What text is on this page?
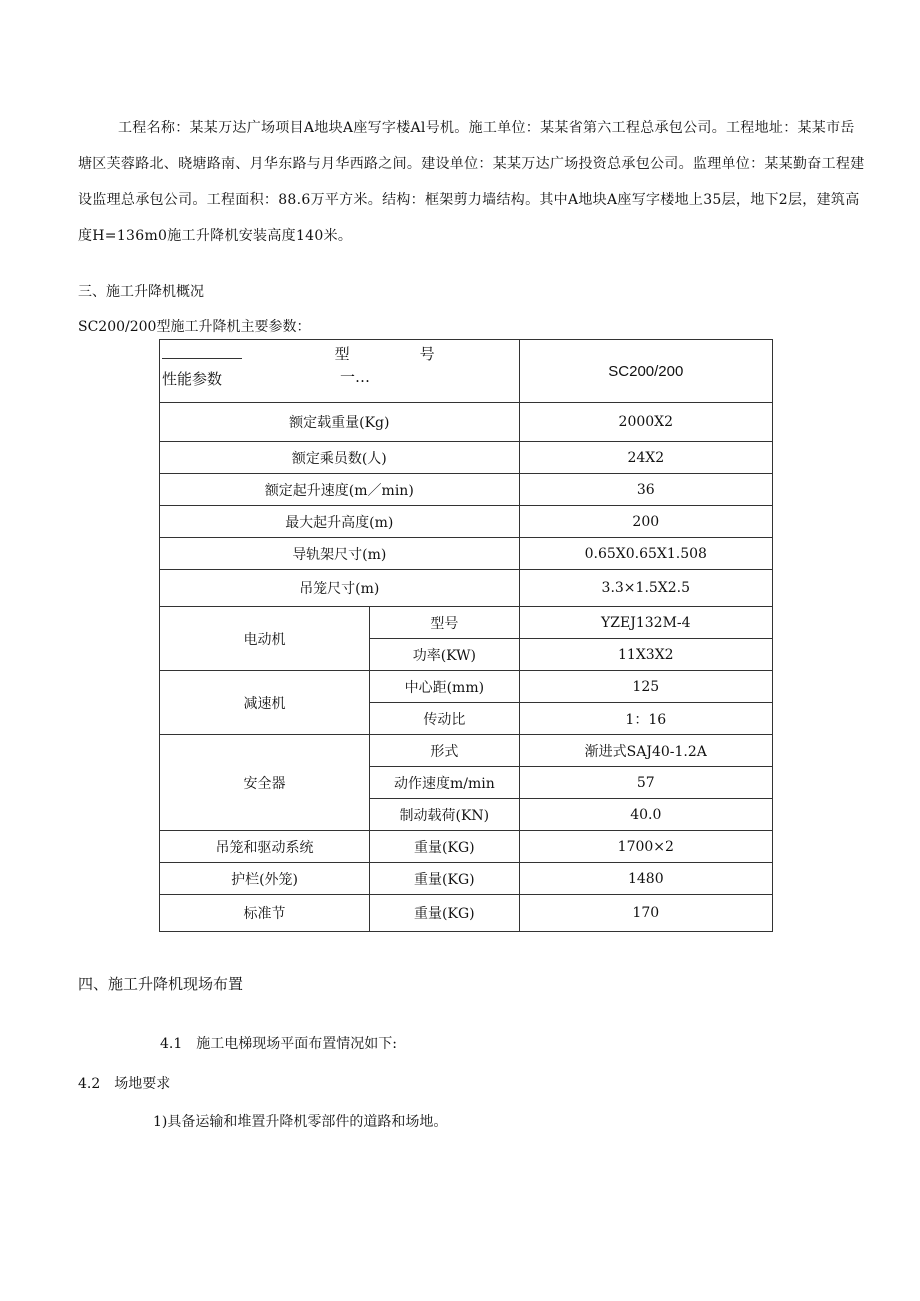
工程名称：某某万达广场项目A地块A座写字楼Al号机。施工单位：某某省第六工程总承包公司。工程地址：某某市岳塘区芙蓉路北、晓塘路南、月华东路与月华西路之间。建设单位：某某万达广场投资总承包公司。监理单位：某某勤奋工程建设监理总承包公司。工程面积：88.6万平方米。结构：框架剪力墙结构。其中A地块A座写字楼地上35层，地下2层，建筑高度H=136m0施工升降机安装高度140米。
三、施工升降机概况
SC200/200型施工升降机主要参数：
型号
性能参数 一…		SC200/200
额定载重量(Kg)		2000X2
额定乘员数(人)		24X2
额定起升速度(m／min)		36
最大起升高度(m)		200
导轨架尺寸(m)		0.65X0.65X1.508
吊笼尺寸(m)		3.3×1.5X2.5
电动机	型号	YZEJ132M-4
	功率(KW)	11X3X2
减速机	中心距(mm)	125
	传动比	1：16
安全器	形式	渐进式SAJ40-1.2A
	动作速度m/min	57
	制动载荷(KN)	40.0
吊笼和驱动系统	重量(KG)	1700×2
护栏(外笼)	重量(KG)	1480
标准节	重量(KG)	170
四、施工升降机现场布置
4.1　施工电梯现场平面布置情况如下:
4.2　场地要求
1)具备运输和堆置升降机零部件的道路和场地。
